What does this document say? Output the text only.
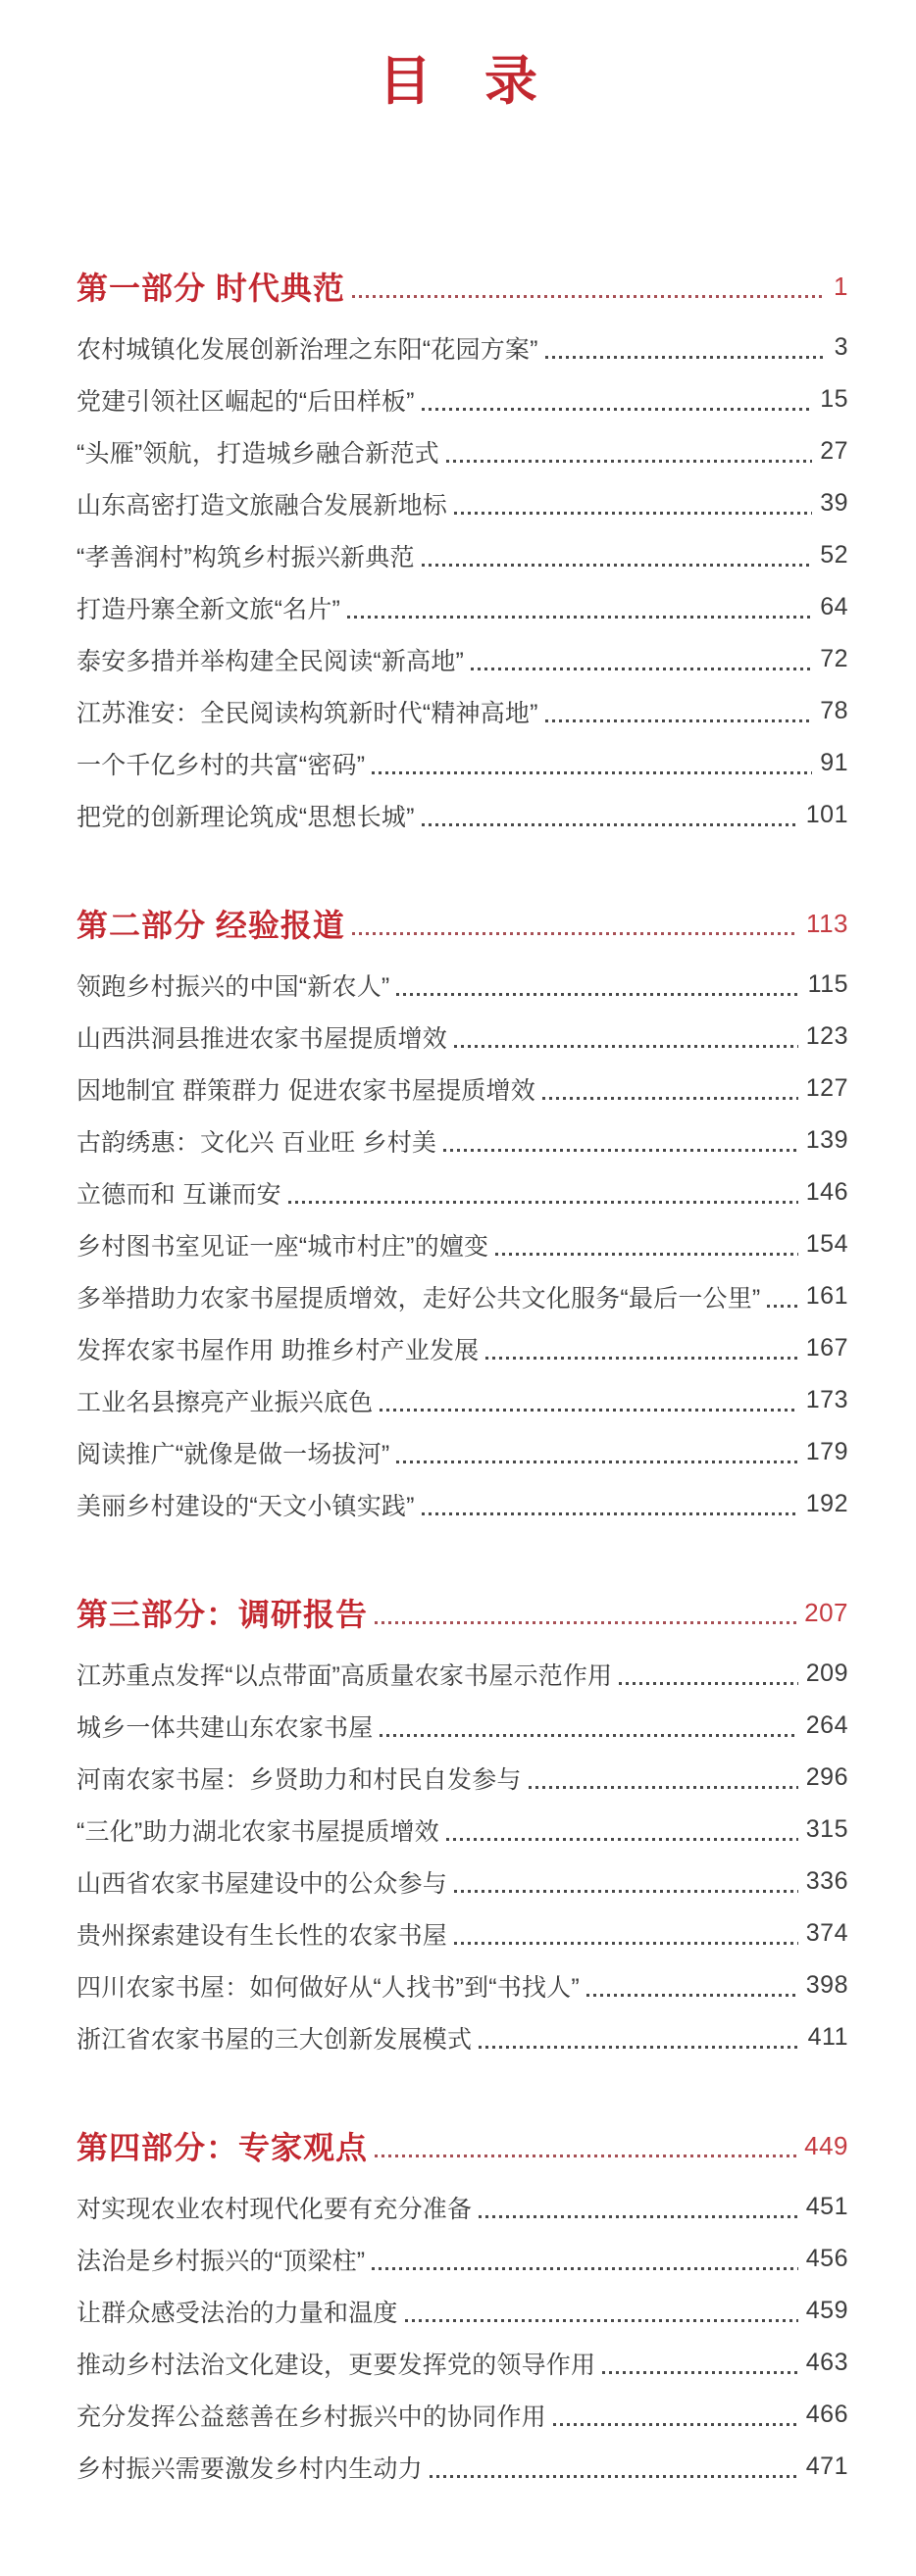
目　录
第一部分 时代典范	1
农村城镇化发展创新治理之东阳“花园方案”	3
党建引领社区崛起的“后田样板”	15
“头雁”领航，打造城乡融合新范式	27
山东高密打造文旅融合发展新地标	39
“孝善润村”构筑乡村振兴新典范	52
打造丹寨全新文旅“名片”	64
泰安多措并举构建全民阅读“新高地”	72
江苏淮安：全民阅读构筑新时代“精神高地”	78
一个千亿乡村的共富“密码”	91
把党的创新理论筑成“思想长城”	101
第二部分 经验报道	113
领跑乡村振兴的中国“新农人”	115
山西洪洞县推进农家书屋提质增效	123
因地制宜 群策群力 促进农家书屋提质增效	127
古韵绣惠：文化兴 百业旺 乡村美	139
立德而和 互谦而安	146
乡村图书室见证一座“城市村庄”的嬗变	154
多举措助力农家书屋提质增效，走好公共文化服务“最后一公里” 161
发挥农家书屋作用 助推乡村产业发展	167
工业名县擦亮产业振兴底色	173
阅读推广“就像是做一场拔河”	179
美丽乡村建设的“天文小镇实践”	192
第三部分：调研报告	207
江苏重点发挥“以点带面”高质量农家书屋示范作用	209
城乡一体共建山东农家书屋	264
河南农家书屋：乡贤助力和村民自发参与	296
“三化”助力湖北农家书屋提质增效	315
山西省农家书屋建设中的公众参与	336
贵州探索建设有生长性的农家书屋	374
四川农家书屋：如何做好从“人找书”到“书找人”	398
浙江省农家书屋的三大创新发展模式	411
第四部分：专家观点	449
对实现农业农村现代化要有充分准备	451
法治是乡村振兴的“顶梁柱”	456
让群众感受法治的力量和温度	459
推动乡村法治文化建设，更要发挥党的领导作用	463
充分发挥公益慈善在乡村振兴中的协同作用	466
乡村振兴需要激发乡村内生动力	471
